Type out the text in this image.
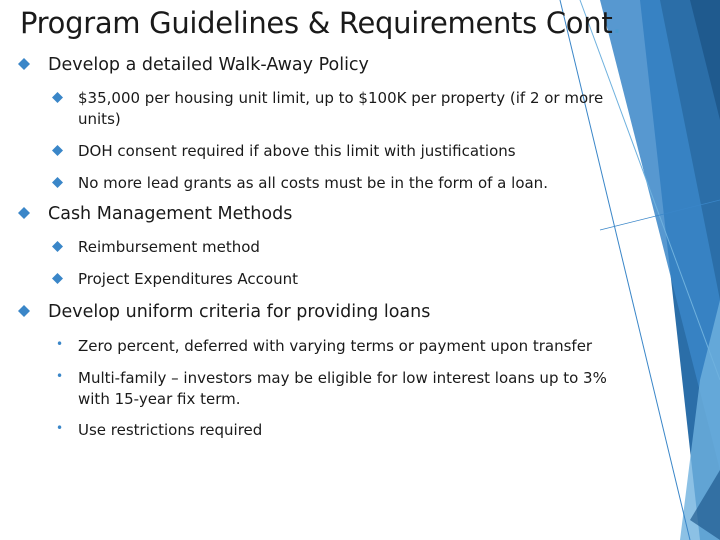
Program Guidelines & Requirements Cont.
Develop a detailed Walk-Away Policy
$35,000 per housing unit limit, up to $100K per property (if 2 or more
units)
DOH consent required if above this limit with justifications
No more lead grants as all costs must be in the form of a loan.
Cash Management Methods
Reimbursement method
Project Expenditures Account
Develop uniform criteria for providing loans
• Zero percent, deferred with varying terms or payment upon transfer
• Multi-family – investors may be eligible for low interest loans up to 3%
with 15-year fix term.
• Use restrictions required
